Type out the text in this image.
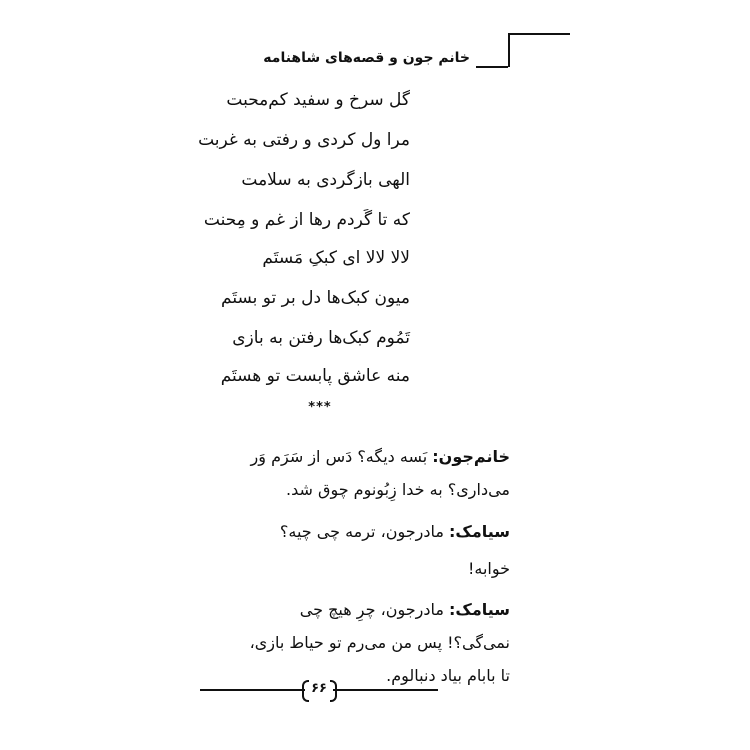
خانم جون و قصه‌های شاهنامه
گل سرخ و سفید کم‌محبت
مرا ول کردی و رفتی به غربت
الهی بازگردی به سلامت
که تا گَردم رها از غم و مِحنت
لالا لالا ای کبکِ مَستَم
میون کبک‌ها دل بر تو بستَم
تَمُوم کبک‌ها رفتن به بازی
منه عاشق پابست تو هستَم
***
خانم‌جون: بَسه دیگه؟ دَس از سَرَم وَر می‌داری؟ به خدا زِبُونوم چوق شد.
سیامک: مادرجون، ترمه چی چیه؟
خوابه!
سیامک: مادرجون، چرِ هیچ چی نمی‌گی؟! پس من می‌رم تو حیاط بازی، تا بابام بیاد دنبالوم.
۶۶
